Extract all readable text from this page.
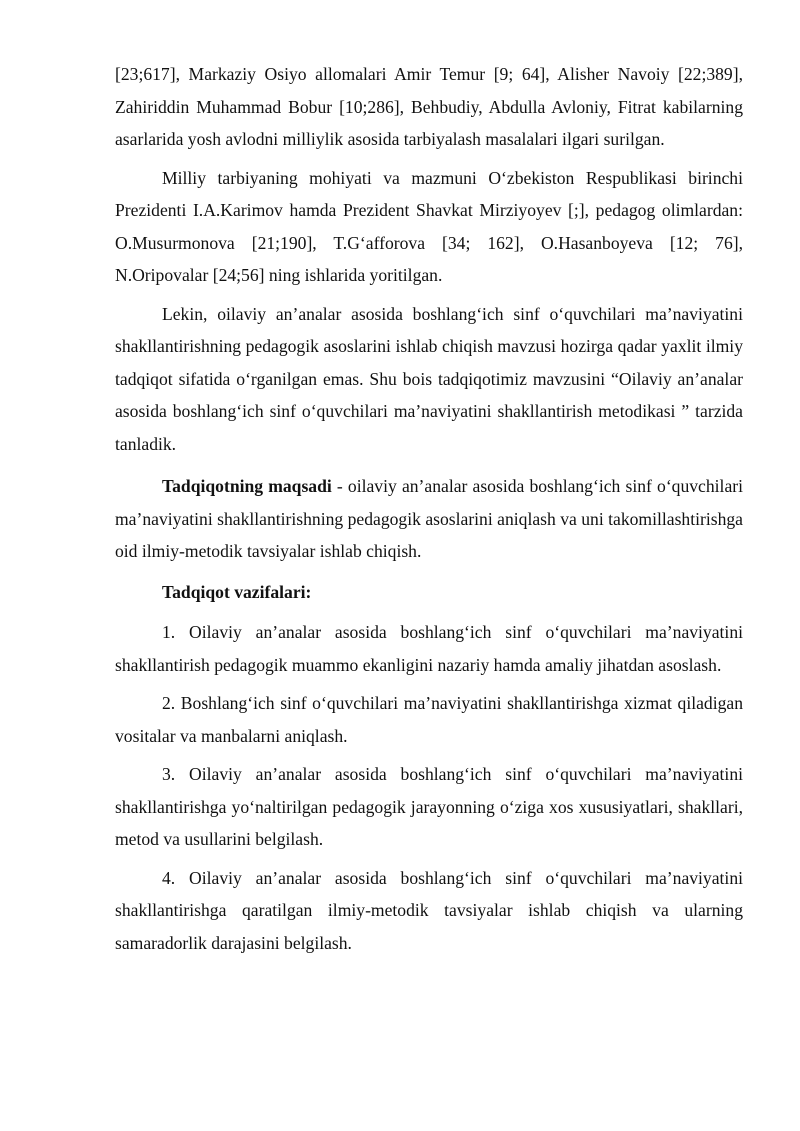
[23;617], Markaziy Osiyo allomalari Amir Temur [9; 64], Alisher Navoiy [22;389], Zahiriddin Muhammad Bobur [10;286], Behbudiy, Abdulla Avloniy, Fitrat kabilarning asarlarida yosh avlodni milliylik asosida tarbiyalash masalalari ilgari surilgan.

Milliy tarbiyaning mohiyati va mazmuni O‘zbekiston Respublikasi birinchi Prezidenti I.A.Karimov hamda Prezident Shavkat Mirziyoyev [;], pedagog olimlardan: O.Musurmonova [21;190], T.G‘afforova [34; 162], O.Hasanboyeva [12; 76], N.Oripovalar [24;56] ning ishlarida yoritilgan.

Lekin, oilaviy an’analar asosida boshlang‘ich sinf o‘quvchilari ma’naviyatini shakllantirishning pedagogik asoslarini ishlab chiqish mavzusi hozirga qadar yaxlit ilmiy tadqiqot sifatida o‘rganilgan emas. Shu bois tadqiqotimiz mavzusini “Oilaviy an’analar asosida boshlang‘ich sinf o‘quvchilari ma’naviyatini shakllantirish metodikasi ” tarzida tanladik.

Tadqiqotning maqsadi - oilaviy an’analar asosida boshlang‘ich sinf o‘quvchilari ma’naviyatini shakllantirishning pedagogik asoslarini aniqlash va uni takomillashtirishga oid ilmiy-metodik tavsiyalar ishlab chiqish.

Tadqiqot vazifalari:

1. Oilaviy an’analar asosida boshlang‘ich sinf o‘quvchilari ma’naviyatini shakllantirish pedagogik muammo ekanligini nazariy hamda amaliy jihatdan asoslash.

2. Boshlang‘ich sinf o‘quvchilari ma’naviyatini shakllantirishga xizmat qiladigan vositalar va manbalarni aniqlash.

3. Oilaviy an’analar asosida boshlang‘ich sinf o‘quvchilari ma’naviyatini shakllantirishga yo‘naltirilgan pedagogik jarayonning o‘ziga xos xususiyatlari, shakllari, metod va usullarini belgilash.

4. Oilaviy an’analar asosida boshlang‘ich sinf o‘quvchilari ma’naviyatini shakllantirishga qaratilgan ilmiy-metodik tavsiyalar ishlab chiqish va ularning samaradorlik darajasini belgilash.
